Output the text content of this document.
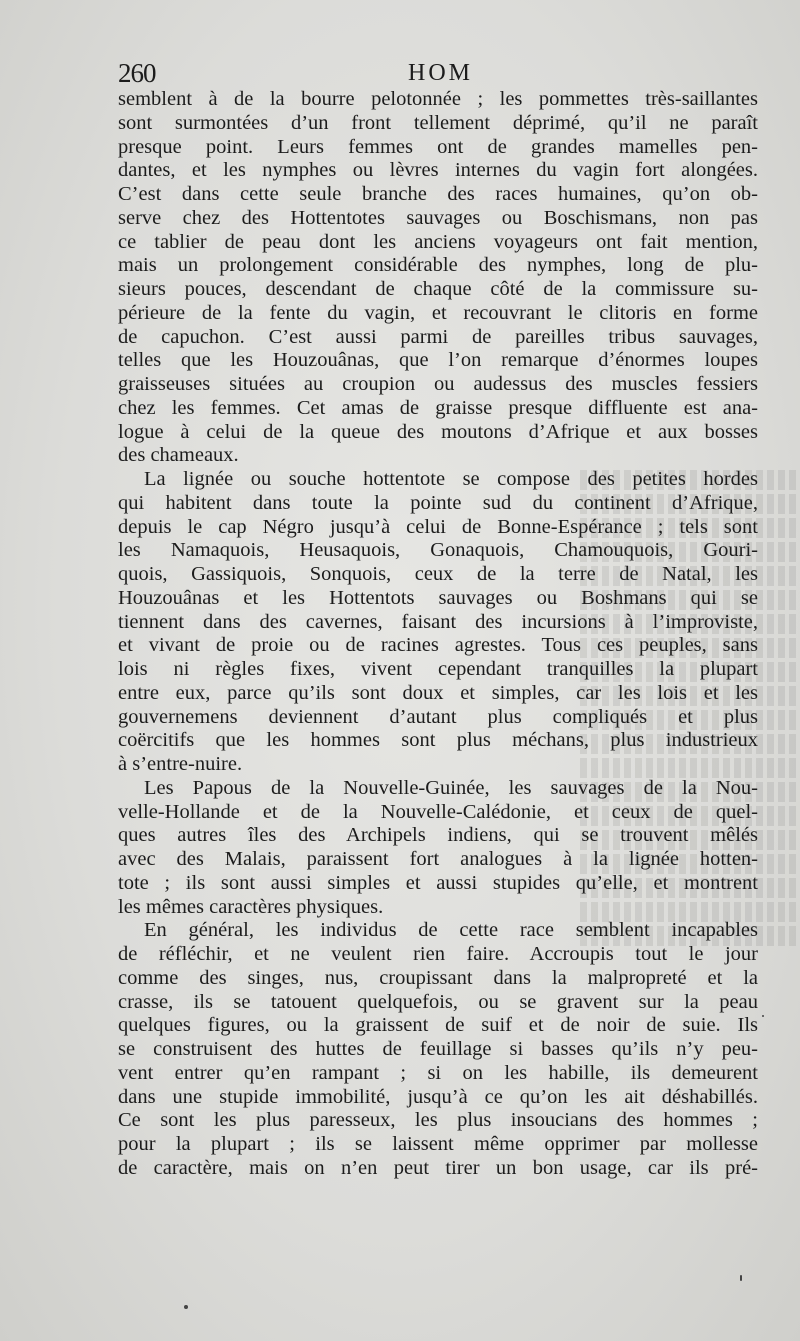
260	HOM
semblent à de la bourre pelotonnée ; les pommettes très-saillantes
sont surmontées d’un front tellement déprimé, qu’il ne paraît
presque point. Leurs femmes ont de grandes mamelles pen-
dantes, et les nymphes ou lèvres internes du vagin fort alongées.
C’est dans cette seule branche des races humaines, qu’on ob-
serve chez des Hottentotes sauvages ou Boschismans, non pas
ce tablier de peau dont les anciens voyageurs ont fait mention,
mais un prolongement considérable des nymphes, long de plu-
sieurs pouces, descendant de chaque côté de la commissure su-
périeure de la fente du vagin, et recouvrant le clitoris en forme
de capuchon. C’est aussi parmi de pareilles tribus sauvages,
telles que les Houzouânas, que l’on remarque d’énormes loupes
graisseuses situées au croupion ou audessus des muscles fessiers
chez les femmes. Cet amas de graisse presque diffluente est ana-
logue à celui de la queue des moutons d’Afrique et aux bosses
des chameaux.
La lignée ou souche hottentote se compose des petites hordes
qui habitent dans toute la pointe sud du continent d’Afrique,
depuis le cap Négro jusqu’à celui de Bonne-Espérance ; tels sont
les Namaquois, Heusaquois, Gonaquois, Chamouquois, Gouri-
quois, Gassiquois, Sonquois, ceux de la terre de Natal, les
Houzouânas et les Hottentots sauvages ou Boshmans qui se
tiennent dans des cavernes, faisant des incursions à l’improviste,
et vivant de proie ou de racines agrestes. Tous ces peuples, sans
lois ni règles fixes, vivent cependant tranquilles la plupart
entre eux, parce qu’ils sont doux et simples, car les lois et les
gouvernemens deviennent d’autant plus compliqués et plus
coërcitifs que les hommes sont plus méchans, plus industrieux
à s’entre-nuire.
Les Papous de la Nouvelle-Guinée, les sauvages de la Nou-
velle-Hollande et de la Nouvelle-Calédonie, et ceux de quel-
ques autres îles des Archipels indiens, qui se trouvent mêlés
avec des Malais, paraissent fort analogues à la lignée hotten-
tote ; ils sont aussi simples et aussi stupides qu’elle, et montrent
les mêmes caractères physiques.
En général, les individus de cette race semblent incapables
de réfléchir, et ne veulent rien faire. Accroupis tout le jour
comme des singes, nus, croupissant dans la malpropreté et la
crasse, ils se tatouent quelquefois, ou se gravent sur la peau
quelques figures, ou la graissent de suif et de noir de suie. Ils
se construisent des huttes de feuillage si basses qu’ils n’y peu-
vent entrer qu’en rampant ; si on les habille, ils demeurent
dans une stupide immobilité, jusqu’à ce qu’on les ait déshabillés.
Ce sont les plus paresseux, les plus insoucians des hommes ;
pour la plupart ; ils se laissent même opprimer par mollesse
de caractère, mais on n’en peut tirer un bon usage, car ils pré-
